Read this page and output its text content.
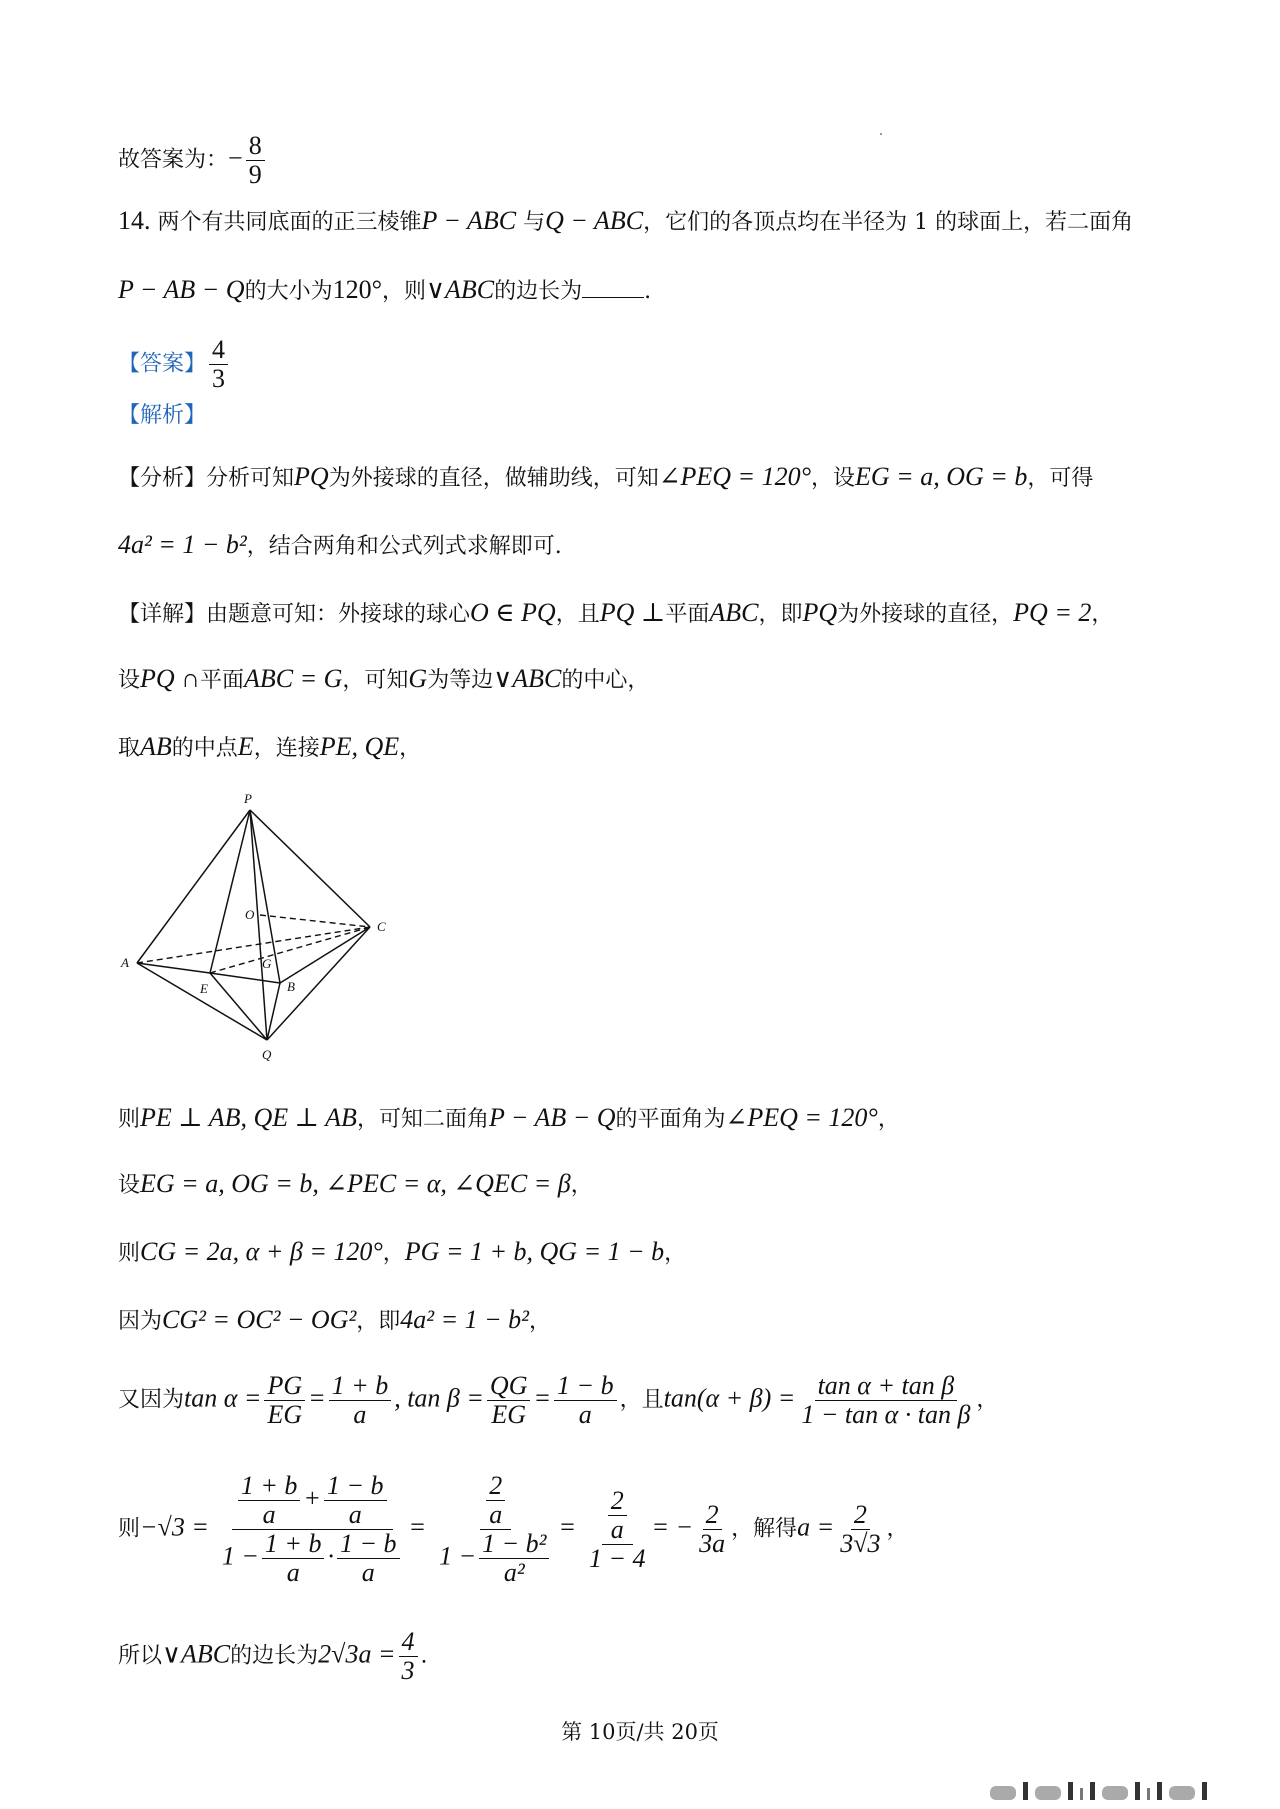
故答案为：− $\frac{8}{9}$
14. 两个有共同底面的正三棱锥P − ABC 与Q − ABC，它们的各顶点均在半径为 1 的球面上，若二面角
P − AB − Q的大小为120°，则∨ABC的边长为	.
【答案】 $\frac{4}{3}$
【解析】
【分析】分析可知PQ为外接球的直径，做辅助线，可知∠PEQ = 120°，设EG = a, OG = b，可得
4a² = 1 − b²，结合两角和公式列式求解即可.
【详解】由题意可知：外接球的球心O ∈ PQ，且PQ ⊥平面ABC，即PQ为外接球的直径，PQ = 2，
设PQ ∩平面ABC = G，可知G为等边∨ABC的中心，
取AB的中点E，连接PE, QE，
P
O
C
A	G
E	B
Q
则PE ⊥ AB, QE ⊥ AB，可知二面角P − AB − Q的平面角为∠PEQ = 120°，
设EG = a, OG = b, ∠PEC = α, ∠QEC = β，
则CG = 2a, α + β = 120°，PG = 1 + b, QG = 1 − b，
因为CG² = OC² − OG²，即4a² = 1 − b²，
又因为$\tan \alpha = \frac{PG}{EG} = \frac{1 + b}{a}$ , $\tan \beta = \frac{QG}{EG} = \frac{1 - b}{a}$ ，且$\tan(\alpha + \beta) = \frac{\text{tan α + tan β}}{\text{1 − tan α · tan β}}$ ，
则$-√3 = \frac{\frac{1 + b}{a} + \frac{1 - b}{a}}{1 - \frac{1 + b}{a} \cdot \frac{1 - b}{a}} = \frac{\frac{2}{a}}{1 - \frac{\text{1 − b²}}{\text{a²}}} = \frac{\frac{2}{a}}{1 - 4}$ = − $\frac{2}{3a}$ ，解得$a = \frac{2}{3√3}$ ，
所以∨ABC的边长为$2√3a = \frac{4}{3}$ .
第 10页/共 20页
